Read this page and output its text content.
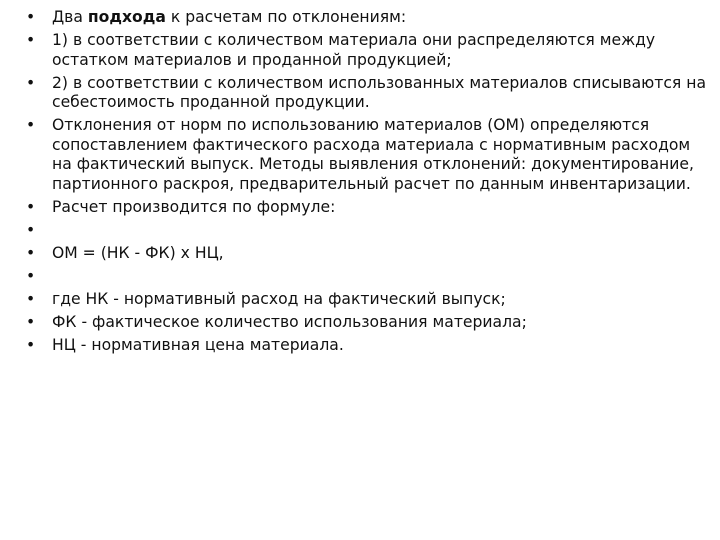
•	Два подхода к расчетам по отклонениям:
•	1) в соответствии с количеством материала они распределяются между остатком материалов и проданной продукцией;
•	2) в соответствии с количеством использованных материалов списываются на себестоимость проданной продукции.
•	Отклонения от норм по использованию материалов (ОМ) определяются сопоставлением фактического расхода материала с нормативным расходом на фактический выпуск. Методы выявления отклонений: документирование, партионного раскроя, предварительный расчет по данным инвентаризации.
•	Расчет производится по формуле:
•
•	ОМ = (НК - ФК) х НЦ,
•
•	где НК - нормативный расход на фактический выпуск;
•	ФК - фактическое количество использования материала;
•	НЦ - нормативная цена материала.
